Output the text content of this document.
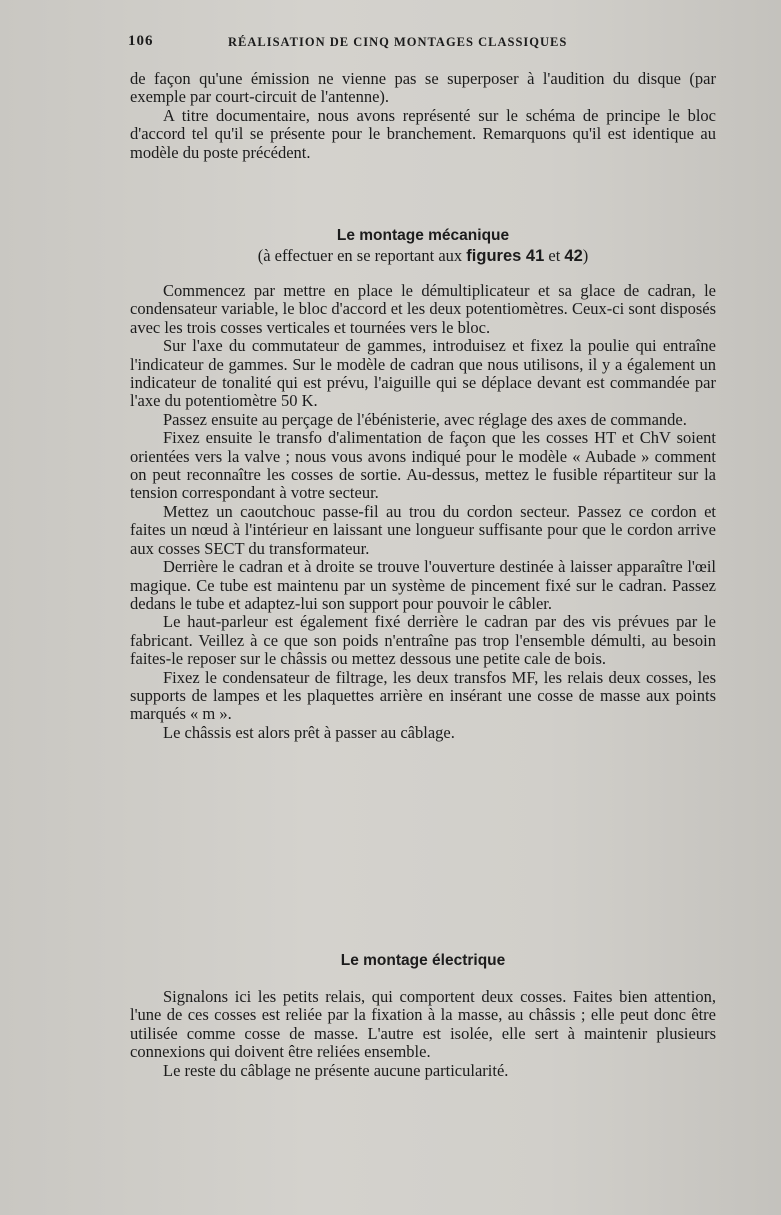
106	RÉALISATION DE CINQ MONTAGES CLASSIQUES

de façon qu'une émission ne vienne pas se superposer à l'audition du disque (par exemple par court-circuit de l'antenne).

A titre documentaire, nous avons représenté sur le schéma de principe le bloc d'accord tel qu'il se présente pour le branchement. Remarquons qu'il est identique au modèle du poste précédent.

Le montage mécanique

(à effectuer en se reportant aux figures 41 et 42)

Commencez par mettre en place le démultiplicateur et sa glace de cadran, le condensateur variable, le bloc d'accord et les deux potentiomètres. Ceux-ci sont disposés avec les trois cosses verticales et tournées vers le bloc.

Sur l'axe du commutateur de gammes, introduisez et fixez la poulie qui entraîne l'indicateur de gammes. Sur le modèle de cadran que nous utilisons, il y a également un indicateur de tonalité qui est prévu, l'aiguille qui se déplace devant est commandée par l'axe du potentiomètre 50 K.

Passez ensuite au perçage de l'ébénisterie, avec réglage des axes de commande.

Fixez ensuite le transfo d'alimentation de façon que les cosses HT et ChV soient orientées vers la valve ; nous vous avons indiqué pour le modèle « Aubade » comment on peut reconnaître les cosses de sortie. Au-dessus, mettez le fusible répartiteur sur la tension correspondant à votre secteur.

Mettez un caoutchouc passe-fil au trou du cordon secteur. Passez ce cordon et faites un nœud à l'intérieur en laissant une longueur suffisante pour que le cordon arrive aux cosses SECT du transformateur.

Derrière le cadran et à droite se trouve l'ouverture destinée à laisser apparaître l'œil magique. Ce tube est maintenu par un système de pincement fixé sur le cadran. Passez dedans le tube et adaptez-lui son support pour pouvoir le câbler.

Le haut-parleur est également fixé derrière le cadran par des vis prévues par le fabricant. Veillez à ce que son poids n'entraîne pas trop l'ensemble démulti, au besoin faites-le reposer sur le châssis ou mettez dessous une petite cale de bois.

Fixez le condensateur de filtrage, les deux transfos MF, les relais deux cosses, les supports de lampes et les plaquettes arrière en insérant une cosse de masse aux points marqués « m ».

Le châssis est alors prêt à passer au câblage.

Le montage électrique

Signalons ici les petits relais, qui comportent deux cosses. Faites bien attention, l'une de ces cosses est reliée par la fixation à la masse, au châssis ; elle peut donc être utilisée comme cosse de masse. L'autre est isolée, elle sert à maintenir plusieurs connexions qui doivent être reliées ensemble.

Le reste du câblage ne présente aucune particularité.
